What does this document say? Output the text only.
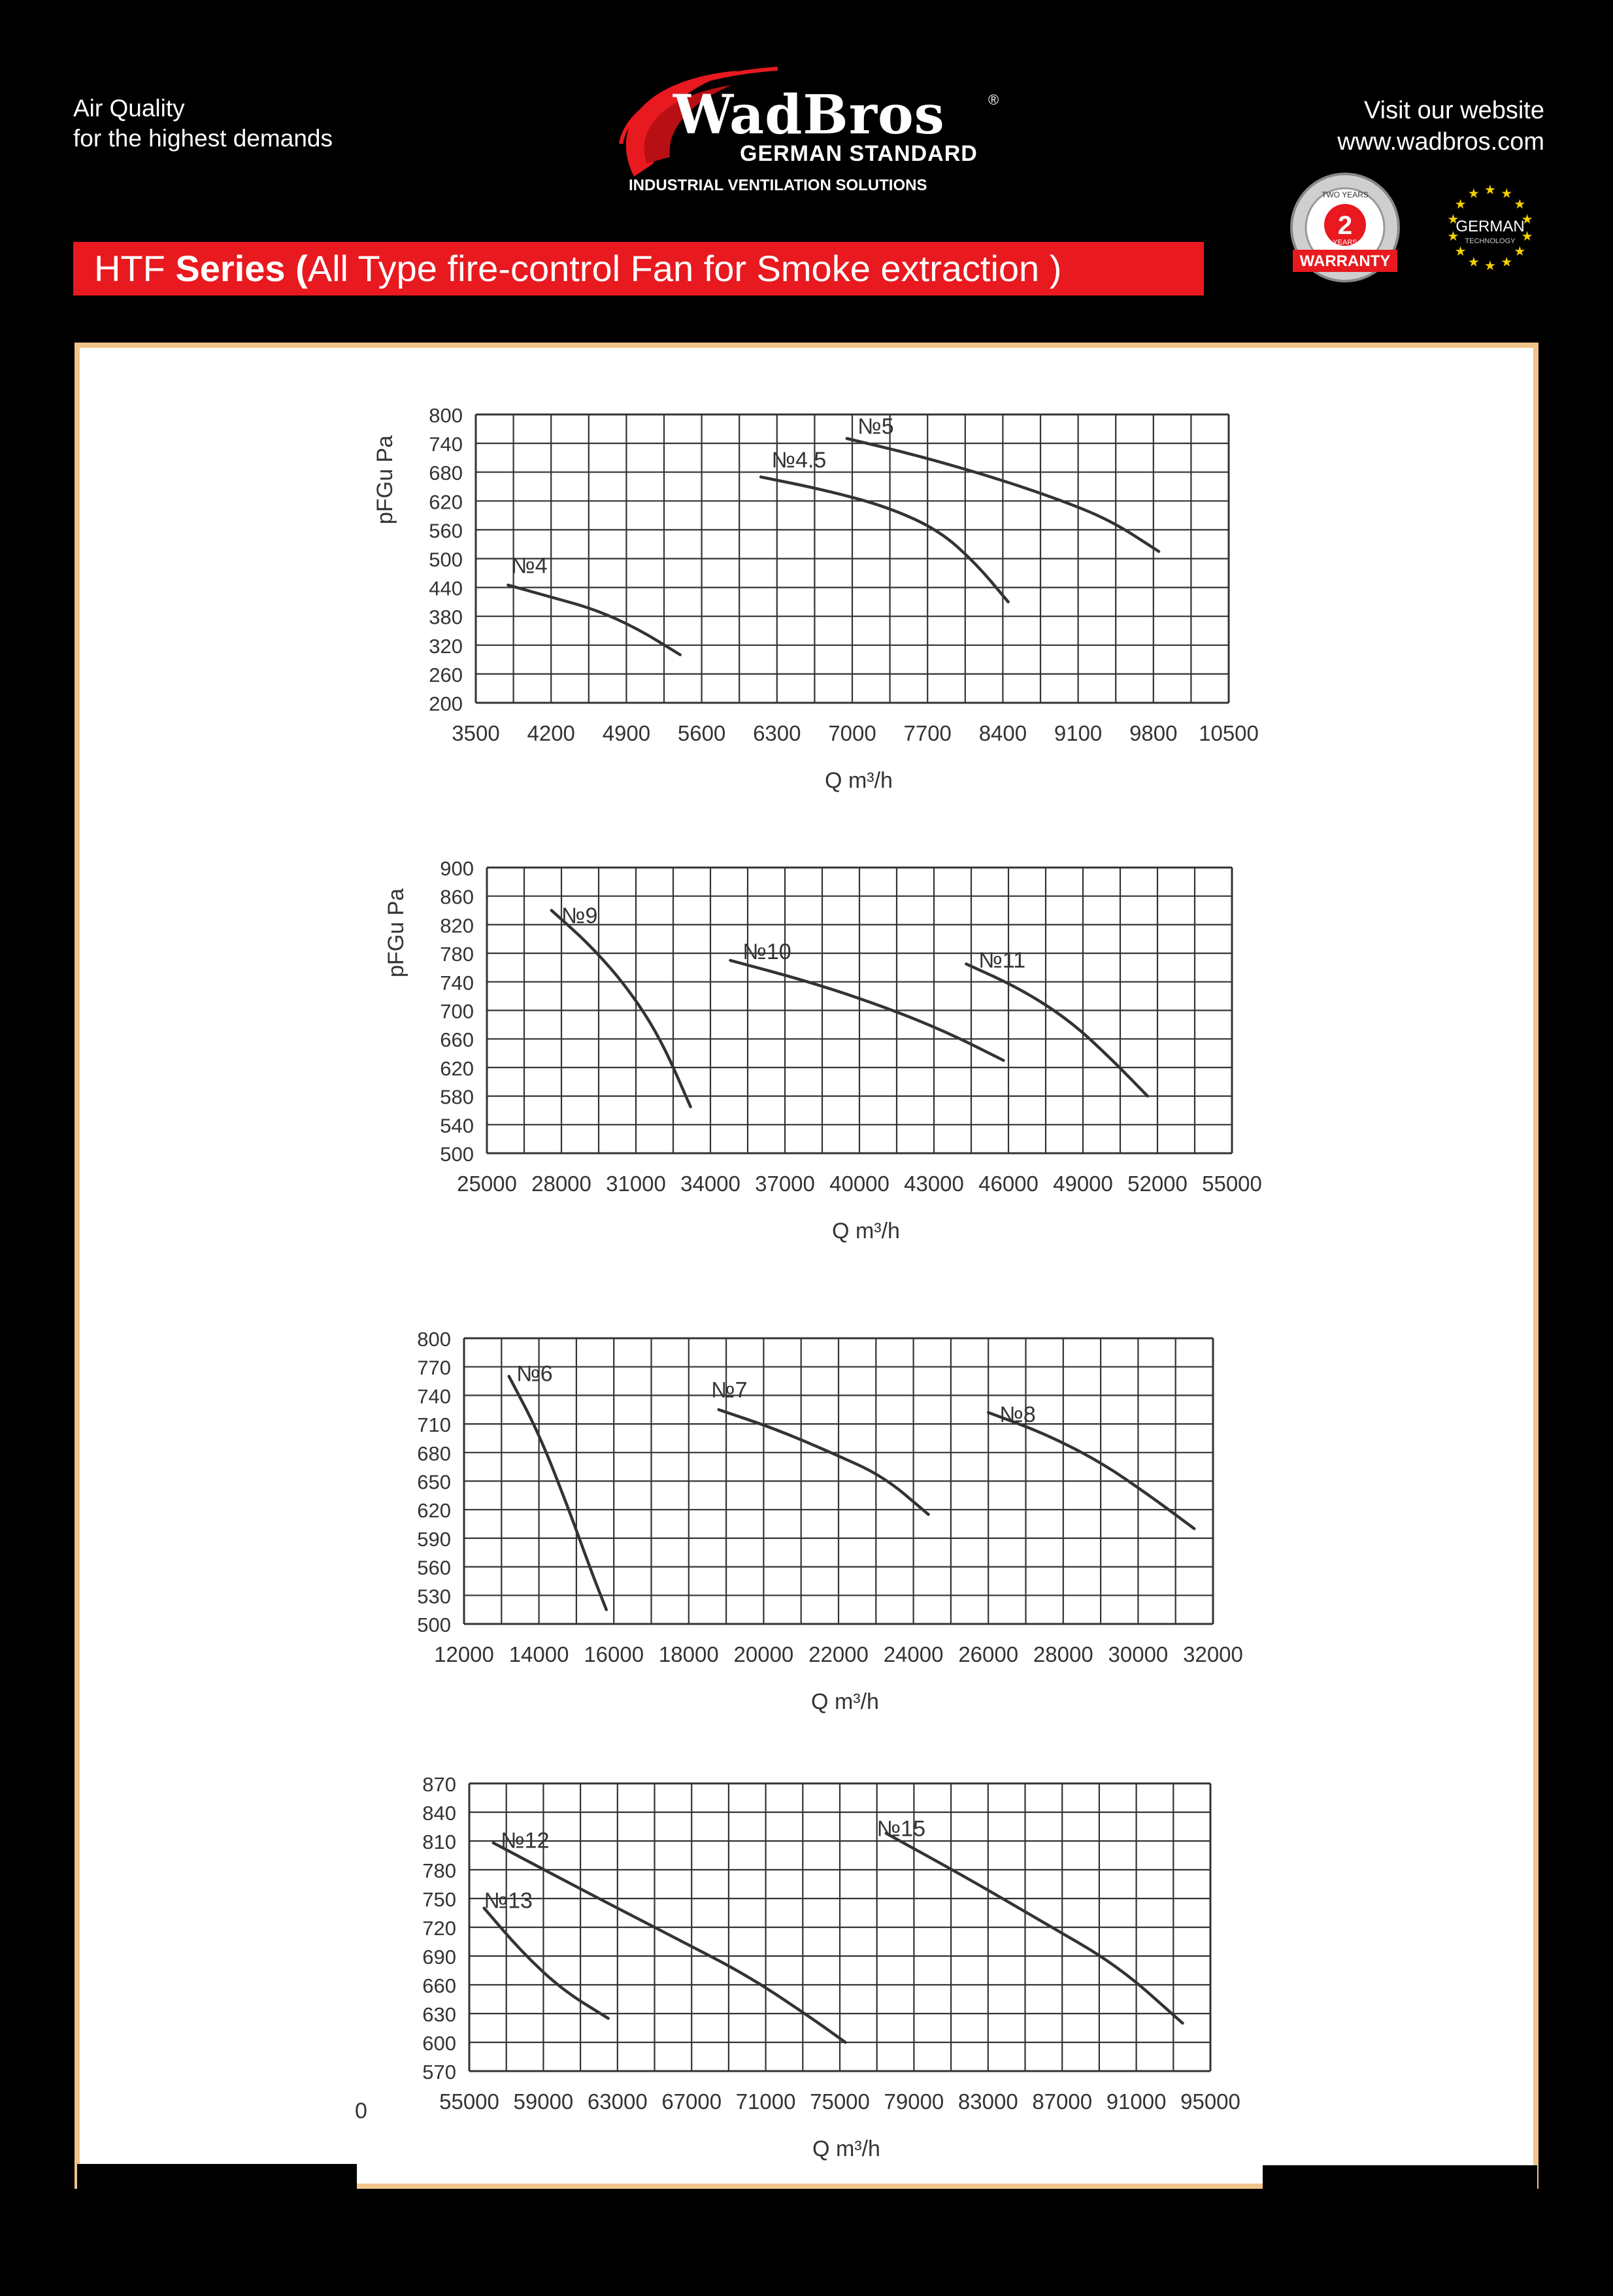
Air Quality
for the highest demands
Visit our website
www.wadbros.com
WadBros	®
GERMAN STANDARD
INDUSTRIAL VENTILATION SOLUTIONS
TWO YEARS
2
YEARS
WARRANTY
★ ★
★
★
★
★
★
★
★
★
★
★
★
★
GERMAN
TECHNOLOGY
HTF Series (All Type fire-control Fan for Smoke extraction )
0
800
740
680
620
560
500
440
380
320
260
200
3500 4200 4900 5600 6300 7000 7700 8400 9100 9800 10500
Q m³/h
pFGu Pa
№4
№4.5
№5
900
860
820
780
740
700
660
620
580
540
500
25000 28000 31000 34000 37000 40000 43000 46000 49000 52000 55000
Q m³/h
pFGu Pa	№9
№10	№11
800
770
740
710
680
650
620
590
560
530
500
12000 14000 16000 18000 20000 22000 24000 26000 28000 30000 32000
Q m³/h
№6
№7
№8
870
840
810
780
750
720
690
660
630
600
570
55000 59000 63000 67000 71000 75000 79000 83000 87000 91000 95000
Q m³/h
№12
№13
№15
